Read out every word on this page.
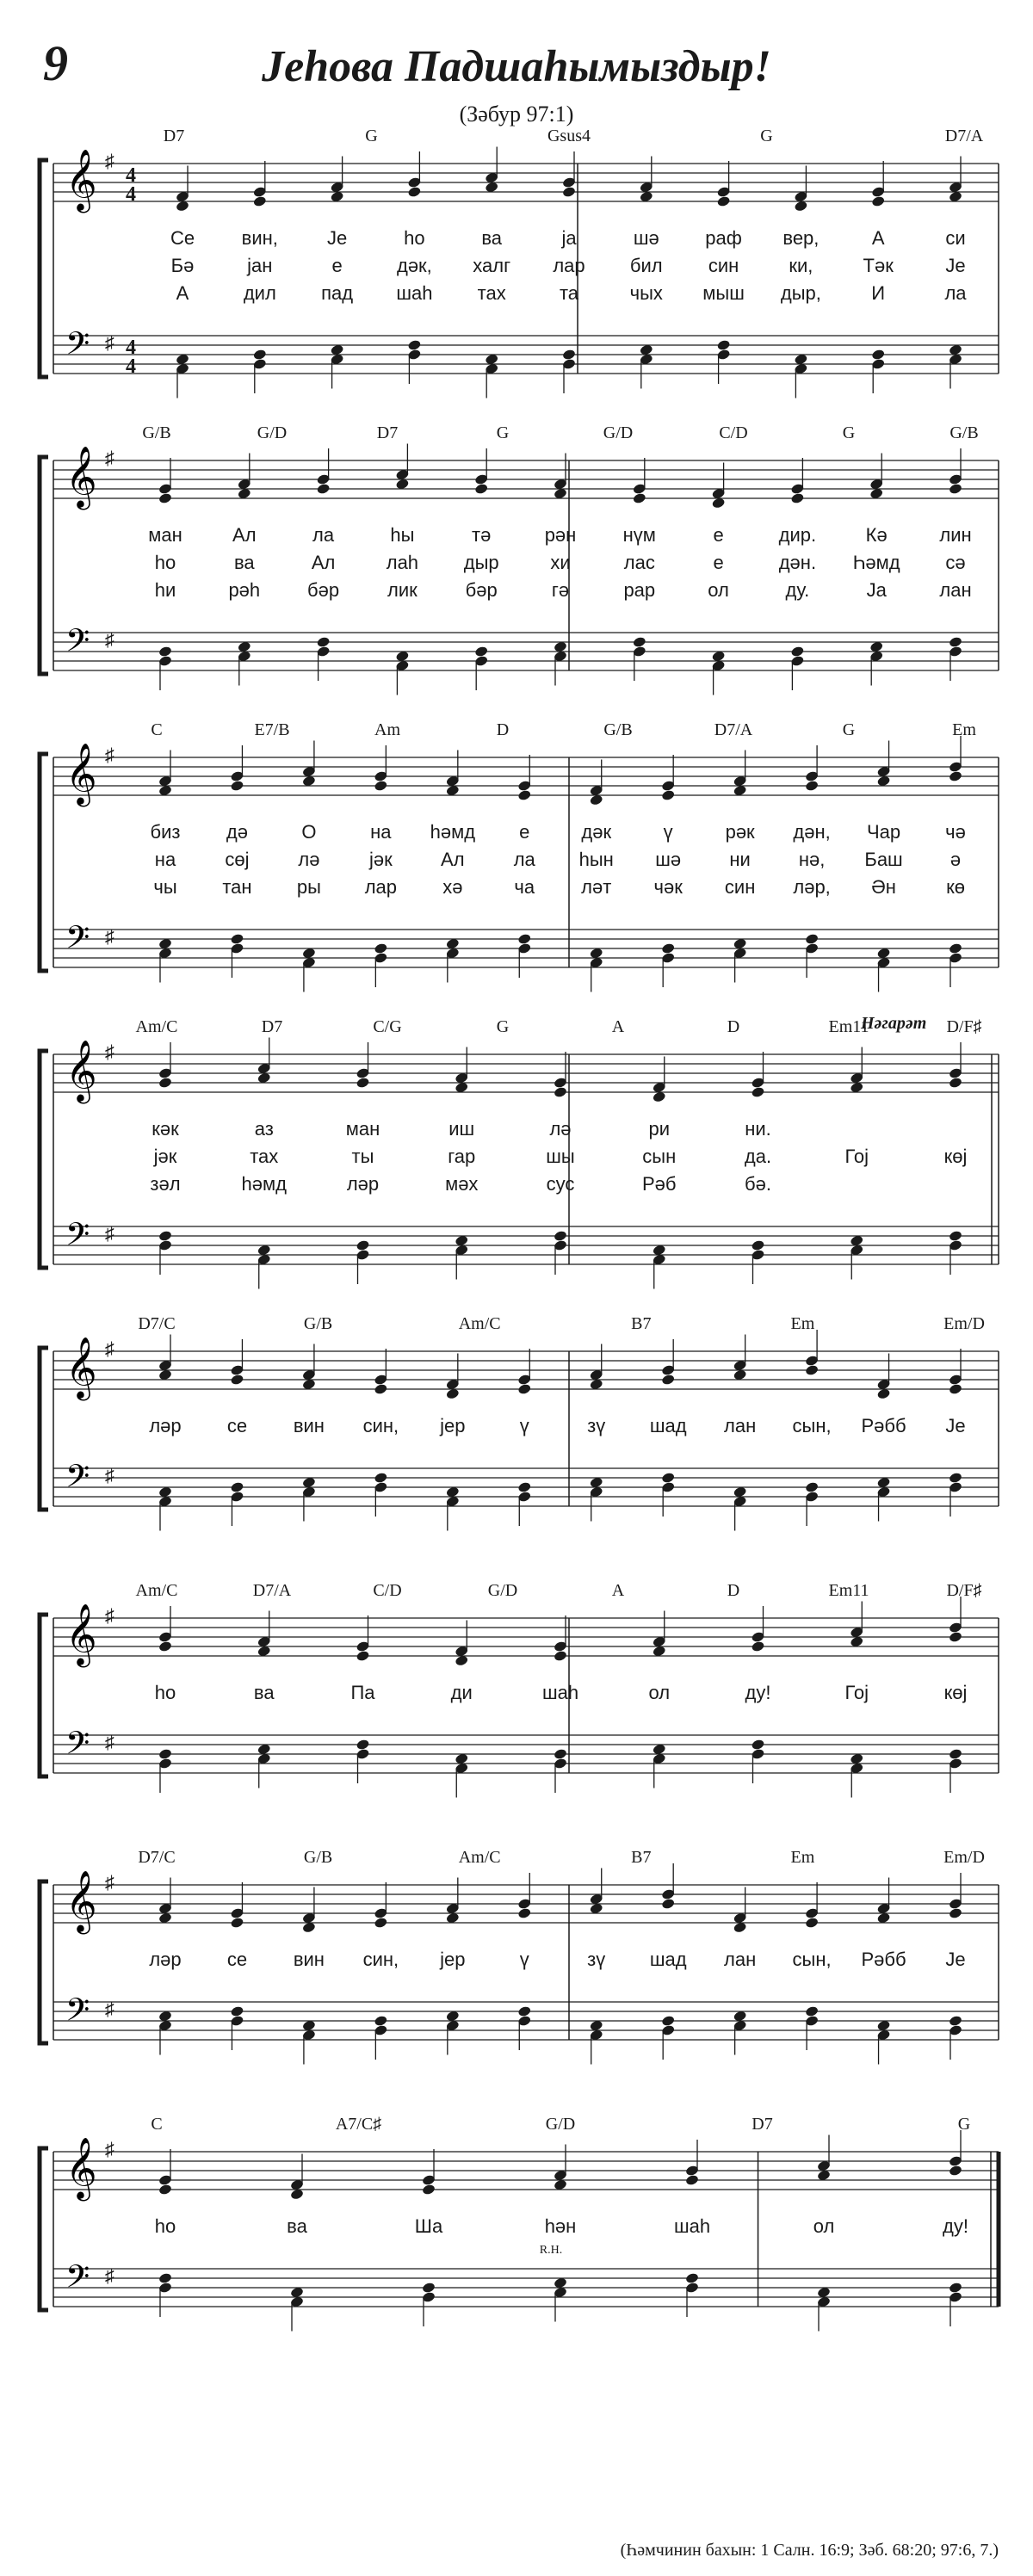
9	Јеһова Падшаһымыздыр!
(Зәбур 97:1)
𝄞
𝄢
♯
♯
4
4
4
4
D7	G	Gsus4	G	D7/A
Се вин,	Је	һо	ва	ја	шә раф вер,	А	си
Бә	јан	е	дәк, халг лар бил син	ки,	Тәк	Је
А	дил пад шаһ тах	та	чых мыш дыр,	И	ла
𝄞
𝄢
♯
♯
G/B	G/D	D7	G	G/D	C/D	G	G/B
ман	Ал	ла	һы	тә	рән нүм	е	дир.	Кә	лин
һо	ва	Ал	лаһ дыр	хи	лас	е	дән. Һәмд сә
һи	рәһ бәр	лик	бәр	гә	рар	ол	ду.	Ја	лан
𝄞
𝄢
♯
♯
C	E7/B	Am	D	G/B	D7/A	G	Em
биз дә	О	на һәмд е	дәк	ү	рәк дән, Чар чә
на	сөј	лә	јәк	Ал	ла һын шә	ни	нә, Баш	ә
чы тан ры лар хә	ча ләт чәк син ләр, Ән	кө
𝄞
𝄢
♯
♯
Am/C	D7	C/G	G	A	D	Em11	D/F♯
Нәгарәт
кәк	аз	ман	иш	лә	ри	ни.
јәк	тах	ты	гар	шы	сын	да.	Гој	көј
зәл	һәмд	ләр	мәх	сус	Рәб	бә.
𝄞
𝄢
♯
♯
D7/C	G/B	Am/C	B7	Em	Em/D
ләр се вин син, јер	ү	зү шад лан сын, Рәбб Је
𝄞
𝄢
♯
♯
Am/C	D7/A	C/D	G/D	A	D	Em11	D/F♯
һо	ва	Па	ди	шаһ	ол	ду!	Гој	көј
𝄞
𝄢
♯
♯
D7/C	G/B	Am/C	B7	Em	Em/D
ләр се вин син, јер	ү	зү шад лан сын, Рәбб Је
𝄞
𝄢
♯
♯
C	A7/C♯	G/D	D7	G
һо	ва	Ша	һән	шаһ	ол	ду!
R.H.
(Һәмчинин бахын: 1 Салн. 16:9; Зәб. 68:20; 97:6, 7.)
